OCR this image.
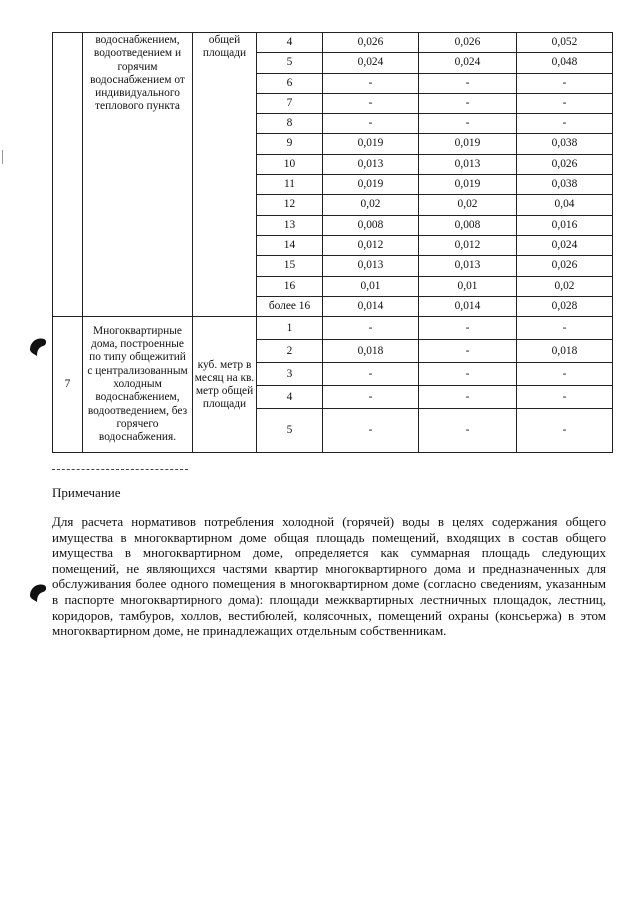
	водоснабжением, водоотведением и горячим водоснабжением от индивидуального теплового пункта	общей площади	4	0,026	0,026	0,052
			5	0,024	0,024	0,048
			6	-	-	-
			7	-	-	-
			8	-	-	-
			9	0,019	0,019	0,038
			10	0,013	0,013	0,026
			11	0,019	0,019	0,038
			12	0,02	0,02	0,04
			13	0,008	0,008	0,016
			14	0,012	0,012	0,024
			15	0,013	0,013	0,026
			16	0,01	0,01	0,02
			более 16	0,014	0,014	0,028
7	Многоквартирные дома, построенные по типу общежитий с централизованным холодным водоснабжением, водоотведением, без горячего водоснабжения.	куб. метр в месяц на кв. метр общей площади	1	-	-	-
			2	0,018	-	0,018
			3	-	-	-
			4	-	-	-
			5	-	-	-
Примечание
Для расчета нормативов потребления холодной (горячей) воды в целях содержания общего имущества в многоквартирном доме общая площадь помещений, входящих в состав общего имущества в многоквартирном доме, определяется как суммарная площадь следующих помещений, не являющихся частями квартир многоквартирного дома и предназначенных для обслуживания более одного помещения в многоквартирном доме (согласно сведениям, указанным в паспорте многоквартирного дома): площади межквартирных лестничных площадок, лестниц, коридоров, тамбуров, холлов, вестибюлей, колясочных, помещений охраны (консьержа) в этом многоквартирном доме, не принадлежащих отдельным собственникам.
